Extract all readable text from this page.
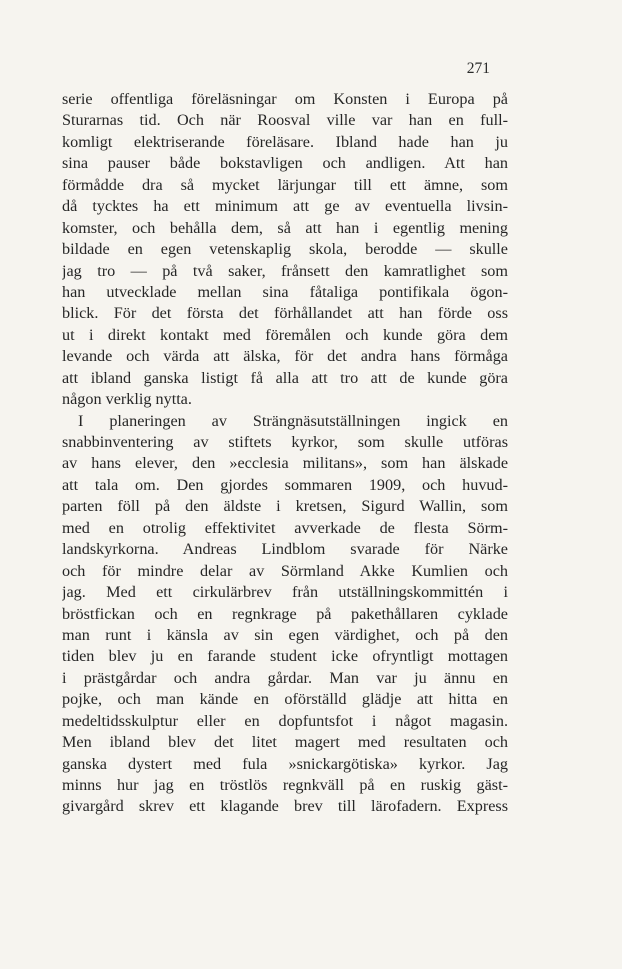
271
serie offentliga föreläsningar om Konsten i Europa på
Sturarnas tid. Och när Roosval ville var han en full-
komligt elektriserande föreläsare. Ibland hade han ju
sina pauser både bokstavligen och andligen. Att han
förmådde dra så mycket lärjungar till ett ämne, som
då tycktes ha ett minimum att ge av eventuella livsin-
komster, och behålla dem, så att han i egentlig mening
bildade en egen vetenskaplig skola, berodde — skulle
jag tro — på två saker, frånsett den kamratlighet som
han utvecklade mellan sina fåtaliga pontifikala ögon-
blick. För det första det förhållandet att han förde oss
ut i direkt kontakt med föremålen och kunde göra dem
levande och värda att älska, för det andra hans förmåga
att ibland ganska listigt få alla att tro att de kunde göra
någon verklig nytta.
I planeringen av Strängnäsutställningen ingick en
snabbinventering av stiftets kyrkor, som skulle utföras
av hans elever, den »ecclesia militans», som han älskade
att tala om. Den gjordes sommaren 1909, och huvud-
parten föll på den äldste i kretsen, Sigurd Wallin, som
med en otrolig effektivitet avverkade de flesta Sörm-
landskyrkorna. Andreas Lindblom svarade för Närke
och för mindre delar av Sörmland Akke Kumlien och
jag. Med ett cirkulärbrev från utställningskommittén i
bröstfickan och en regnkrage på pakethållaren cyklade
man runt i känsla av sin egen värdighet, och på den
tiden blev ju en farande student icke ofryntligt mottagen
i prästgårdar och andra gårdar. Man var ju ännu en
pojke, och man kände en oförställd glädje att hitta en
medeltidsskulptur eller en dopfuntsfot i något magasin.
Men ibland blev det litet magert med resultaten och
ganska dystert med fula »snickargötiska» kyrkor. Jag
minns hur jag en tröstlös regnkväll på en ruskig gäst-
givargård skrev ett klagande brev till lärofadern. Express
